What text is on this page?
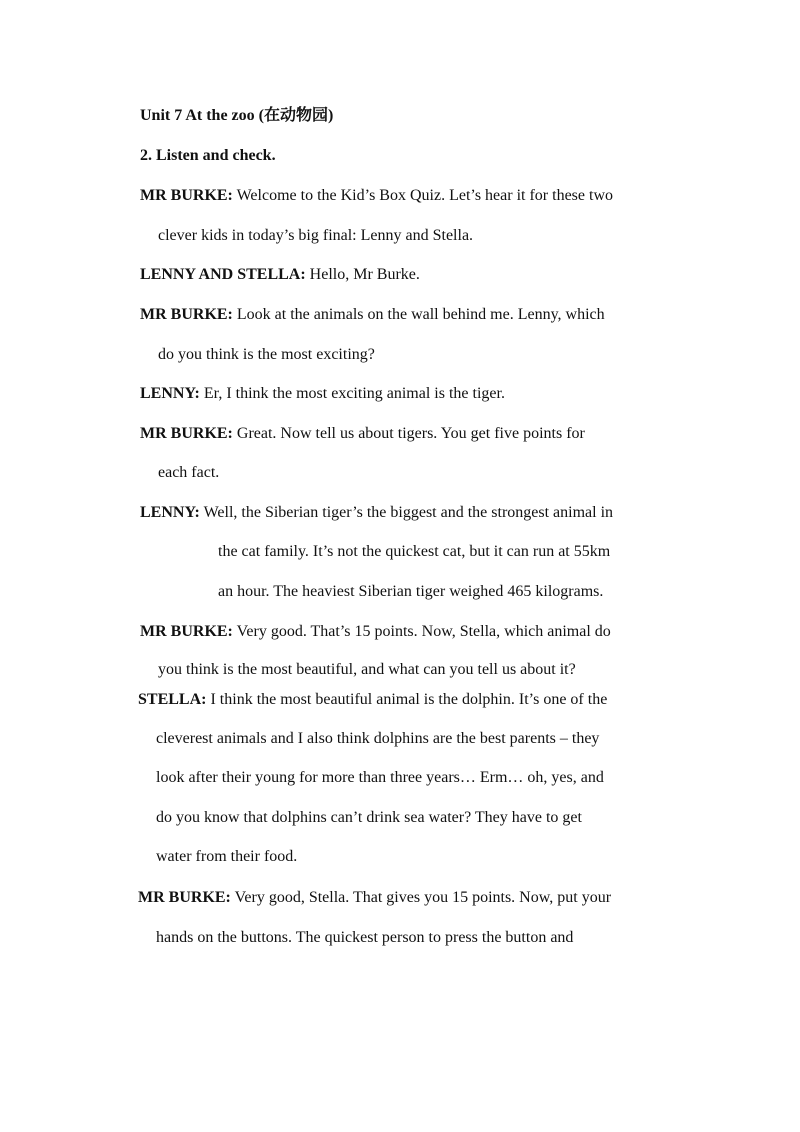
Unit 7 At the zoo (在动物园)
2. Listen and check.
MR BURKE: Welcome to the Kid’s Box Quiz. Let’s hear it for these two
clever kids in today’s big final: Lenny and Stella.
LENNY AND STELLA: Hello, Mr Burke.
MR BURKE: Look at the animals on the wall behind me. Lenny, which
do you think is the most exciting?
LENNY: Er, I think the most exciting animal is the tiger.
MR BURKE: Great. Now tell us about tigers. You get five points for
each fact.
LENNY: Well, the Siberian tiger’s the biggest and the strongest animal in
the cat family. It’s not the quickest cat, but it can run at 55km
an hour. The heaviest Siberian tiger weighed 465 kilograms.
MR BURKE: Very good. That’s 15 points. Now, Stella, which animal do
you think is the most beautiful, and what can you tell us about it?
STELLA: I think the most beautiful animal is the dolphin. It’s one of the
cleverest animals and I also think dolphins are the best parents – they
look after their young for more than three years… Erm… oh, yes, and
do you know that dolphins can’t drink sea water? They have to get
water from their food.
MR BURKE: Very good, Stella. That gives you 15 points. Now, put your
hands on the buttons. The quickest person to press the button and
